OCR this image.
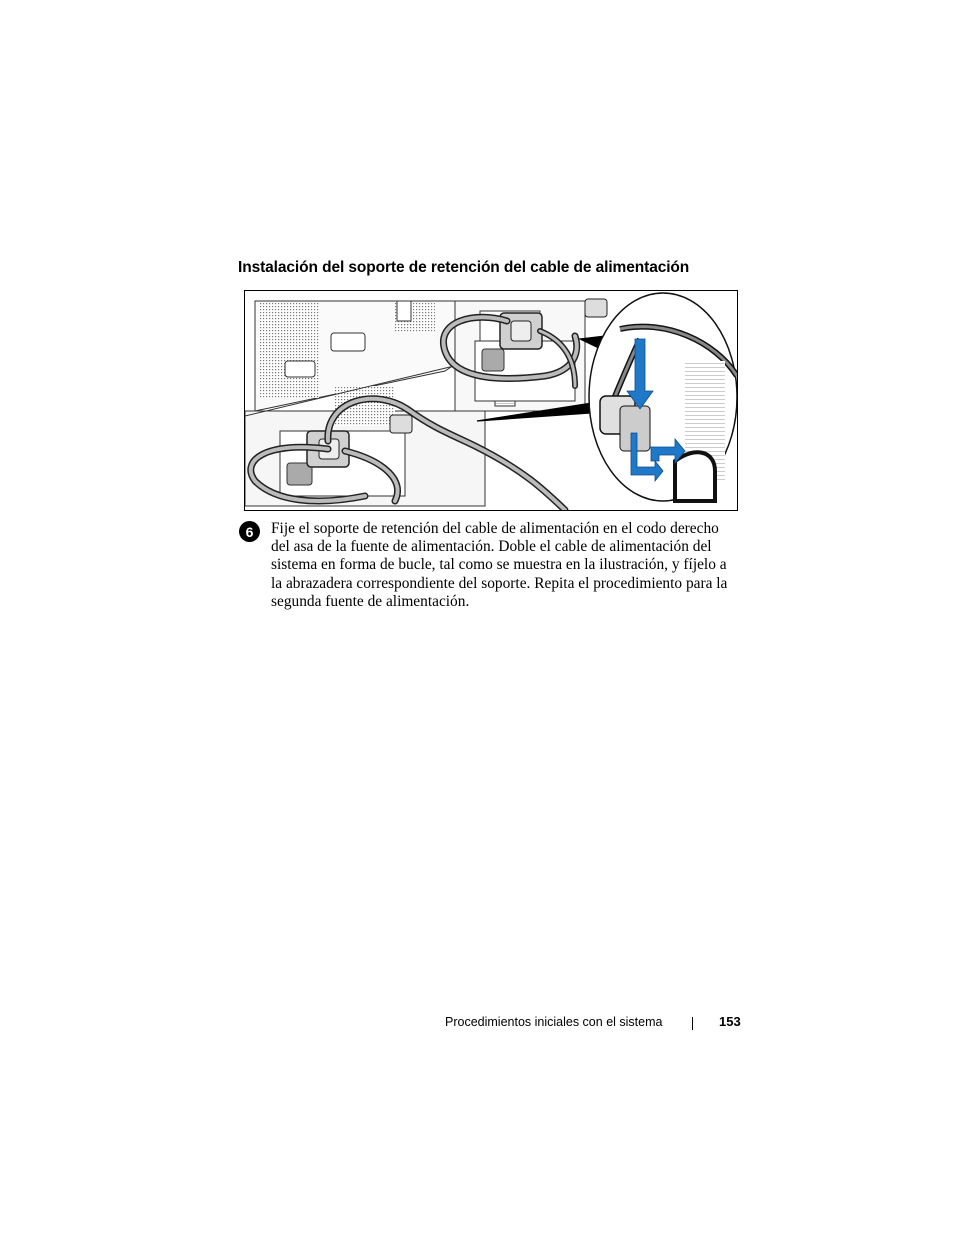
Instalación del soporte de retención del cable de alimentación
6	Fije el soporte de retención del cable de alimentación en el codo derecho del asa de la fuente de alimentación. Doble el cable de alimentación del sistema en forma de bucle, tal como se muestra en la ilustración, y fíjelo a la abrazadera correspondiente del soporte. Repita el procedimiento para la segunda fuente de alimentación.
Procedimientos iniciales con el sistema	153
